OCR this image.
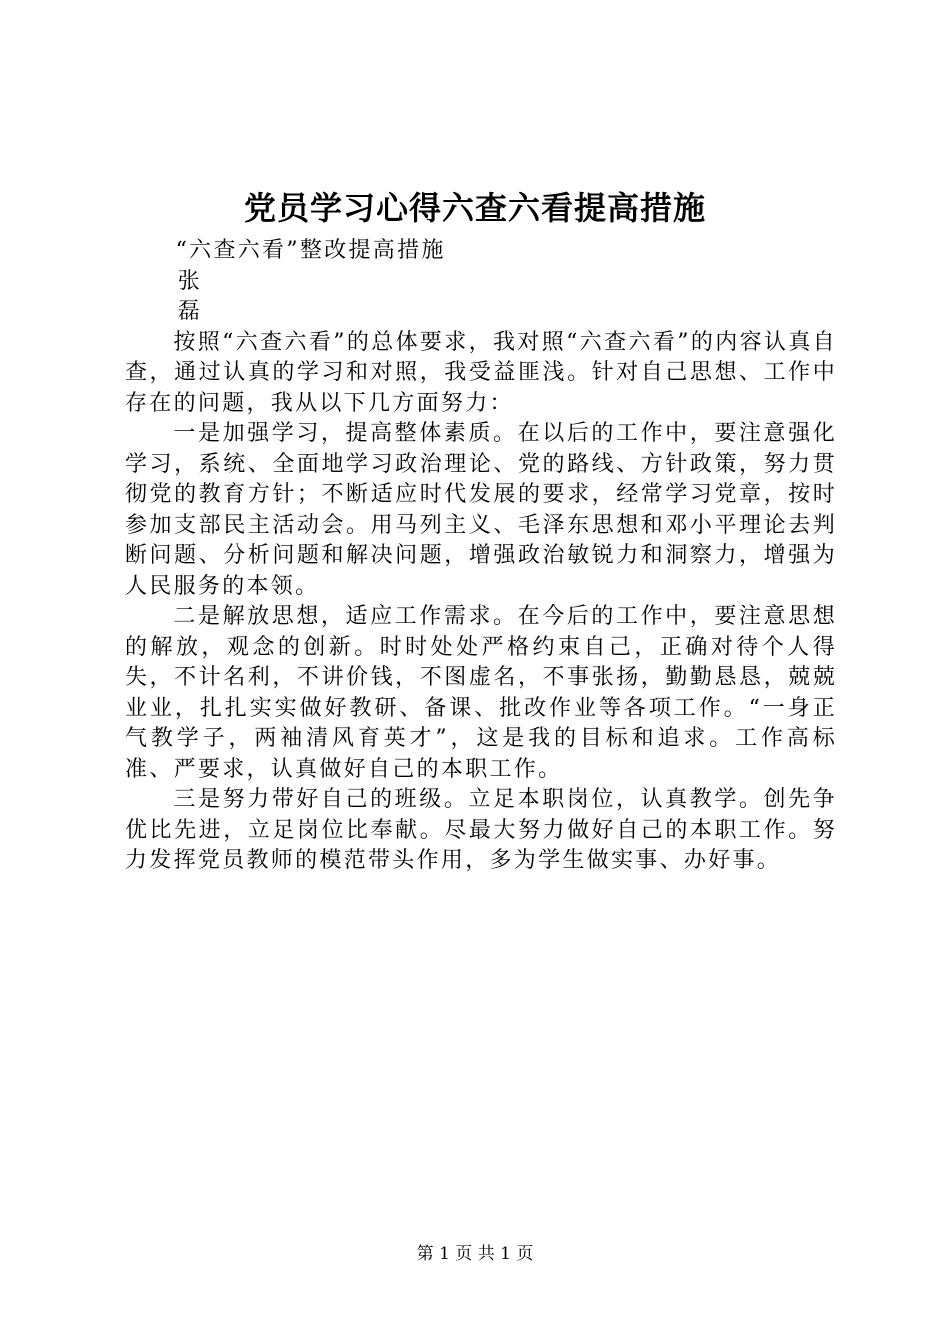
党员学习心得六查六看提高措施

“六查六看”整改提高措施

张

磊

按照“六查六看”的总体要求，我对照“六查六看”的内容认真自查，通过认真的学习和对照，我受益匪浅。针对自己思想、工作中存在的问题，我从以下几方面努力：

一是加强学习，提高整体素质。在以后的工作中，要注意强化学习，系统、全面地学习政治理论、党的路线、方针政策，努力贯彻党的教育方针；不断适应时代发展的要求，经常学习党章，按时参加支部民主活动会。用马列主义、毛泽东思想和邓小平理论去判断问题、分析问题和解决问题，增强政治敏锐力和洞察力，增强为人民服务的本领。

二是解放思想，适应工作需求。在今后的工作中，要注意思想的解放，观念的创新。时时处处严格约束自己，正确对待个人得失，不计名利，不讲价钱，不图虚名，不事张扬，勤勤恳恳，兢兢业业，扎扎实实做好教研、备课、批改作业等各项工作。“一身正气教学子，两袖清风育英才”，这是我的目标和追求。工作高标准、严要求，认真做好自己的本职工作。

三是努力带好自己的班级。立足本职岗位，认真教学。创先争优比先进，立足岗位比奉献。尽最大努力做好自己的本职工作。努力发挥党员教师的模范带头作用，多为学生做实事、办好事。

第 1 页 共 1 页
